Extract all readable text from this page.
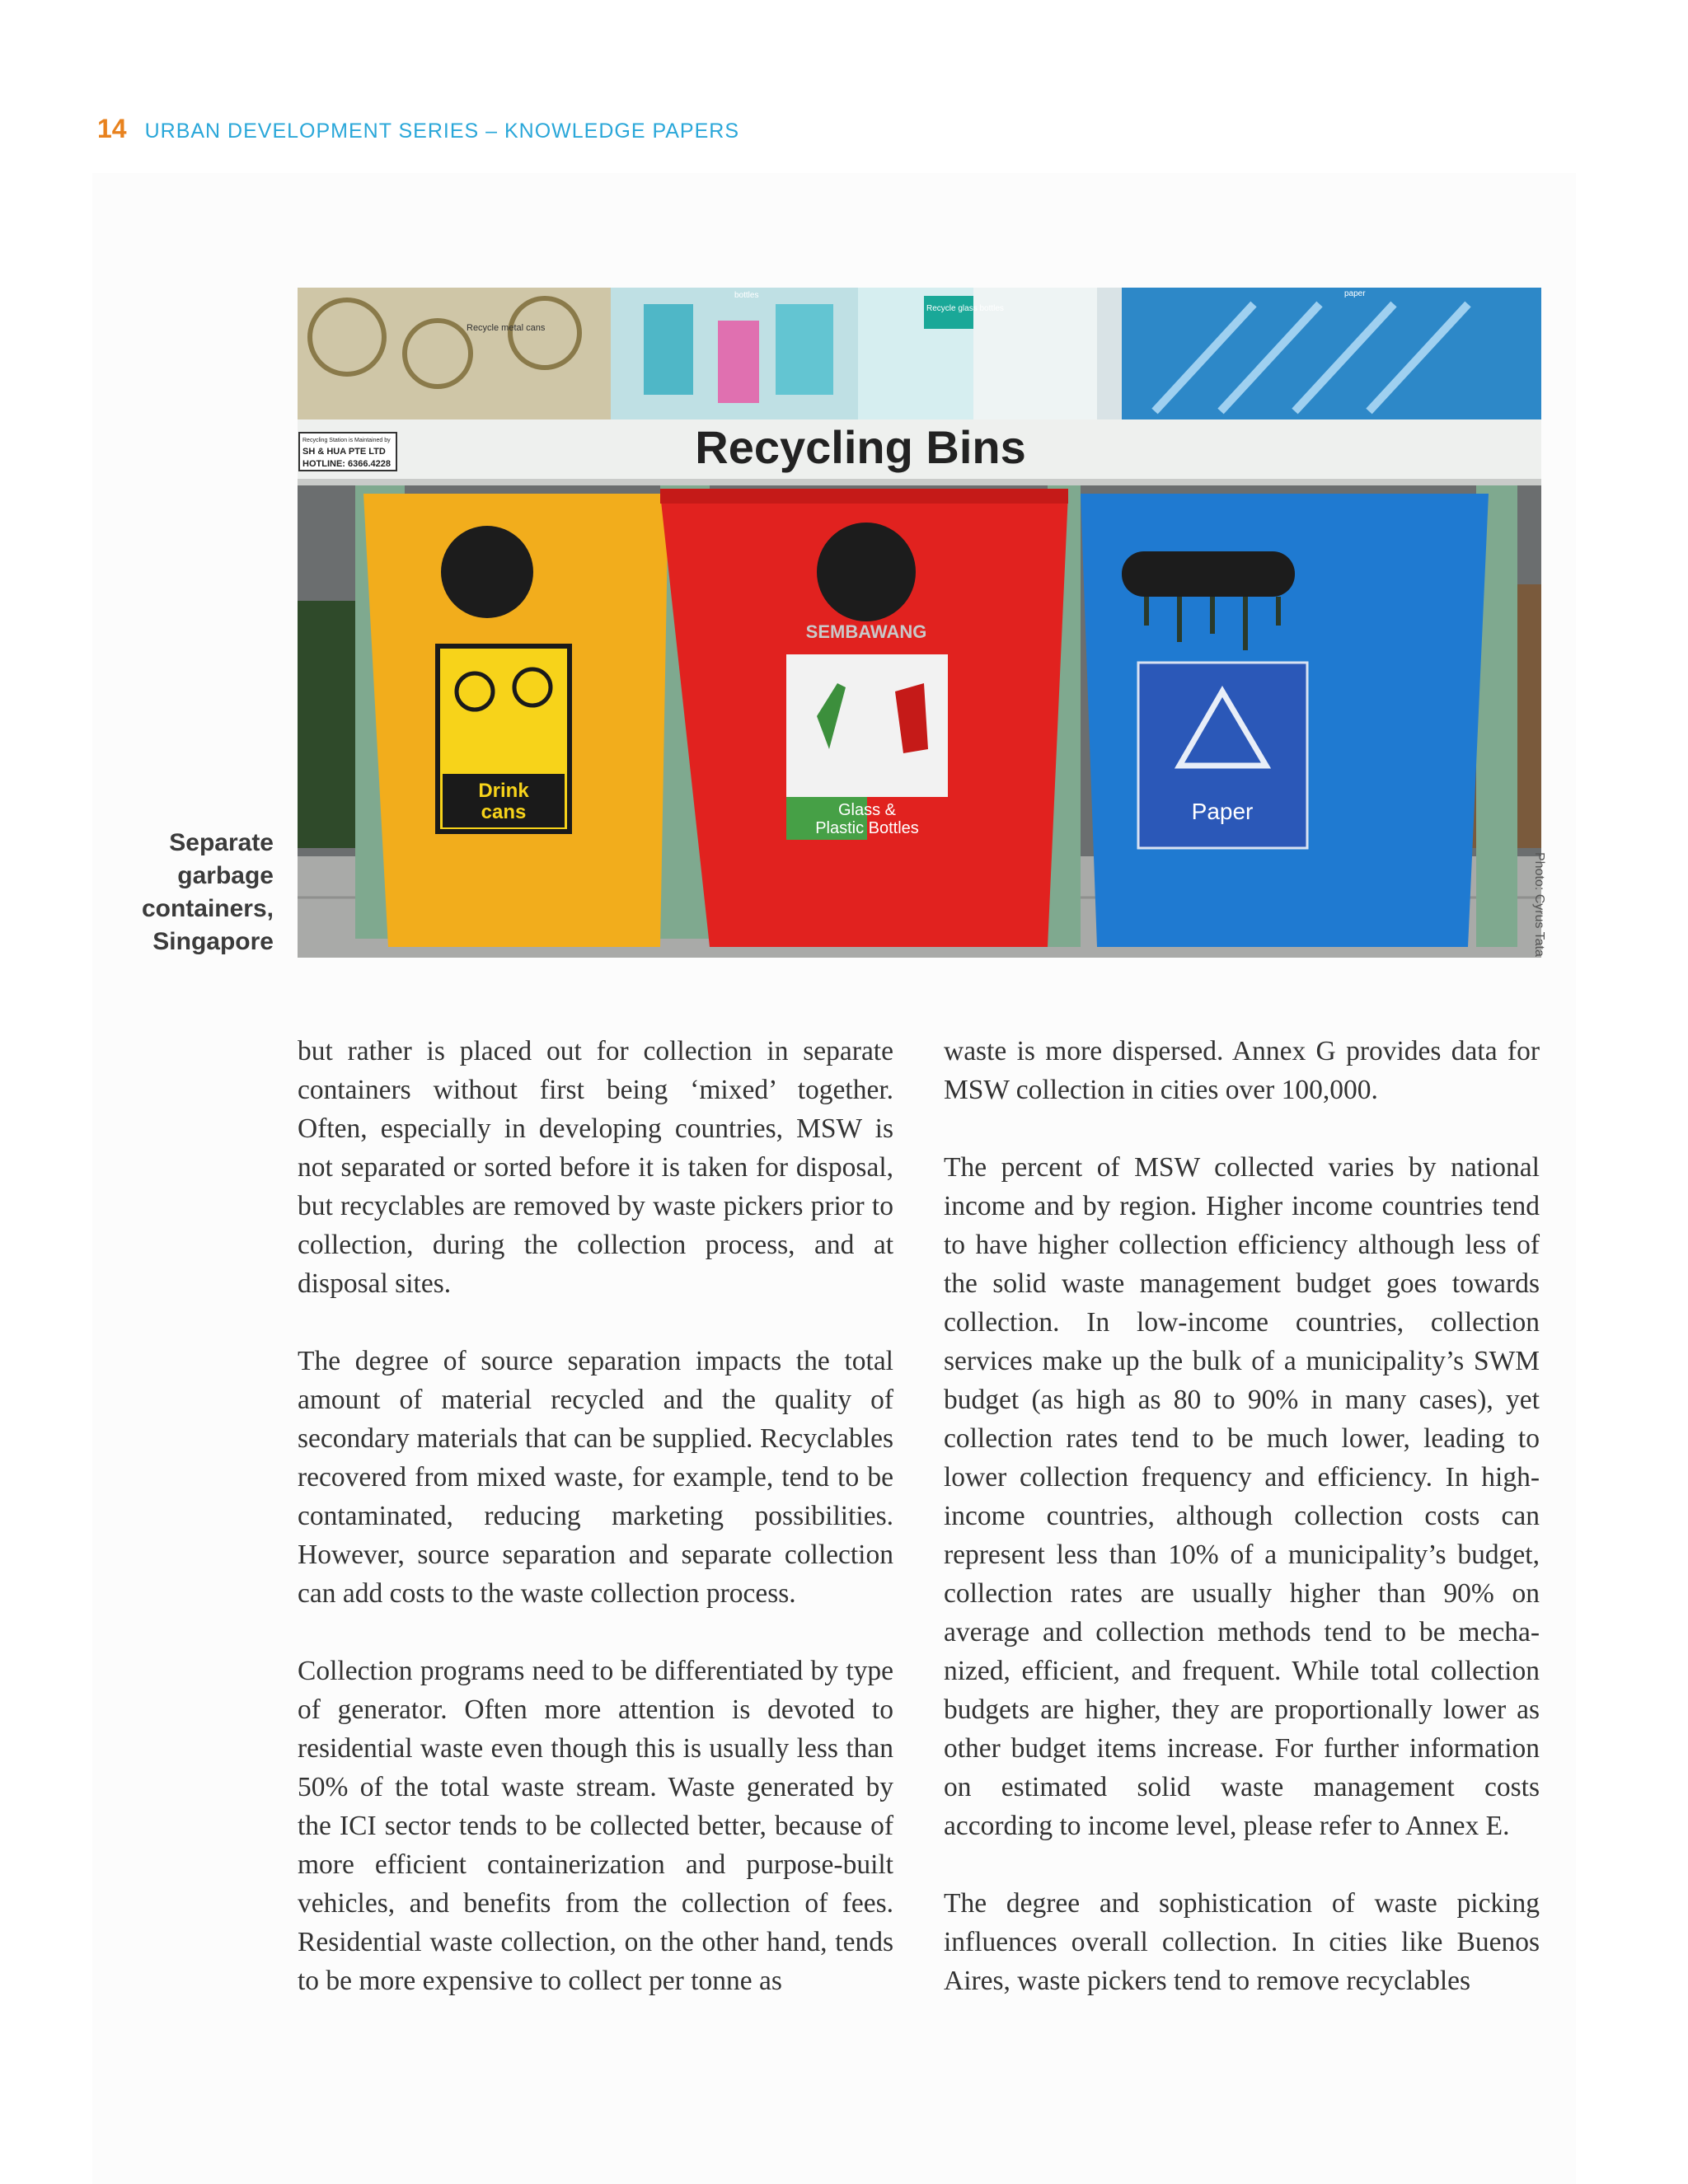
14 URBAN DEVELOPMENT SERIES – KNOWLEDGE PAPERS
Recycle metal cans
bottles
Recycle glass bottles
paper
Recycling Station is Maintained by
SH & HUA PTE LTD
HOTLINE: 6366.4228	Recycling Bins
Drink
cans
SEMBAWANG
Glass &
Plastic Bottles
Paper
Separate garbage containers, Singapore	Photo: Cyrus Tata

but rather is placed out for collection in separate containers without first being ‘mixed’ together. Often, especially in developing countries, MSW is not separated or sorted before it is taken for disposal, but recyclables are removed by waste pickers prior to collection, during the collection process, and at disposal sites.

The degree of source separation impacts the total amount of material recycled and the quality of secondary materials that can be supplied. Recyclables recovered from mixed waste, for example, tend to be contaminated, reducing marketing possibilities. However, source separation and separate collection can add costs to the waste collection process.

Collection programs need to be differentiated by type of generator. Often more attention is devoted to residential waste even though this is usually less than 50% of the total waste stream. Waste generated by the ICI sector tends to be collected better, because of more efficient containerization and purpose-built vehicles, and benefits from the collection of fees. Residential waste collection, on the other hand, tends to be more expensive to collect per tonne as

waste is more dispersed. Annex G provides data for MSW collection in cities over 100,000.

The percent of MSW collected varies by national income and by region. Higher income countries tend to have higher collection efficiency although less of the solid waste management budget goes towards collection. In low-income countries, collection services make up the bulk of a municipality’s SWM budget (as high as 80 to 90% in many cases), yet collection rates tend to be much lower, leading to lower collection frequency and efficiency. In high-income countries, although collection costs can represent less than 10% of a municipality’s budget, collection rates are usually higher than 90% on average and collection methods tend to be mechanized, efficient, and frequent. While total collection budgets are higher, they are proportionally lower as other budget items increase. For further information on estimated solid waste management costs according to income level, please refer to Annex E.

The degree and sophistication of waste picking influences overall collection. In cities like Buenos Aires, waste pickers tend to remove recyclables
